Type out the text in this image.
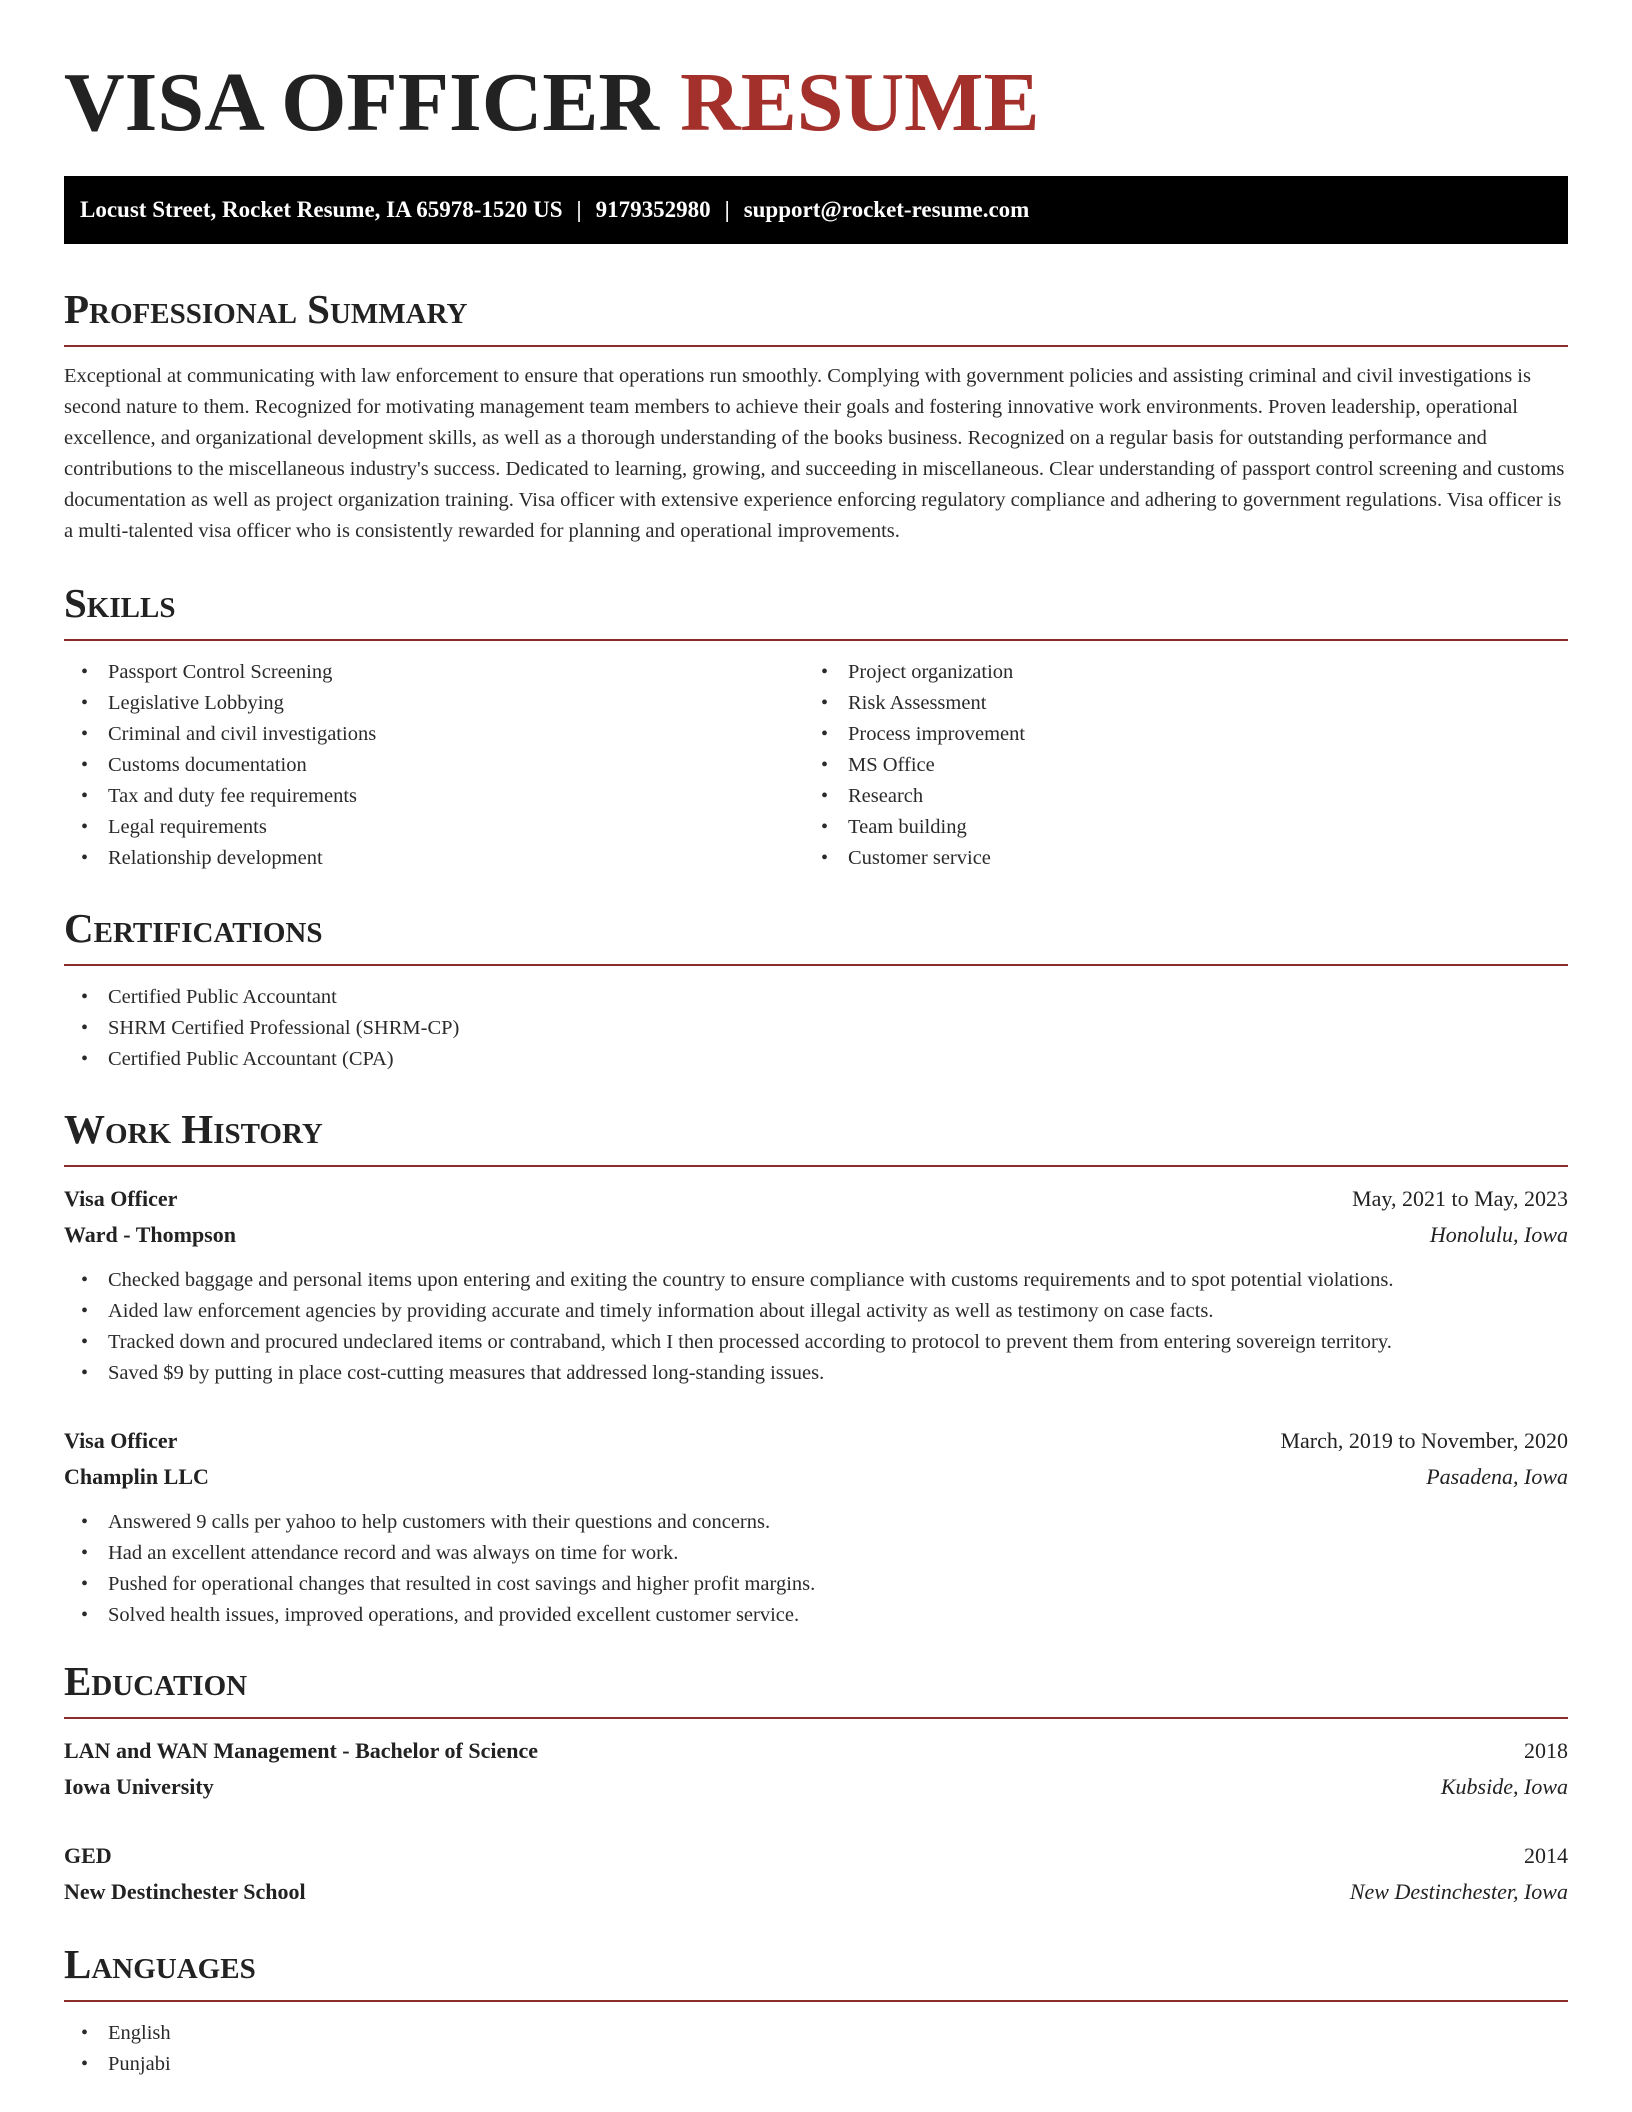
VISA OFFICER RESUME
Locust Street, Rocket Resume, IA 65978-1520 US | 9179352980 | support@rocket-resume.com
Professional Summary

Exceptional at communicating with law enforcement to ensure that operations run smoothly. Complying with government policies and assisting criminal and civil investigations is second nature to them. Recognized for motivating management team members to achieve their goals and fostering innovative work environments. Proven leadership, operational excellence, and organizational development skills, as well as a thorough understanding of the books business. Recognized on a regular basis for outstanding performance and contributions to the miscellaneous industry's success. Dedicated to learning, growing, and succeeding in miscellaneous. Clear understanding of passport control screening and customs documentation as well as project organization training. Visa officer with extensive experience enforcing regulatory compliance and adhering to government regulations. Visa officer is a multi-talented visa officer who is consistently rewarded for planning and operational improvements.

Skills
• Passport Control Screening
• Legislative Lobbying
• Criminal and civil investigations
• Customs documentation
• Tax and duty fee requirements
• Legal requirements
• Relationship development
• Project organization
• Risk Assessment
• Process improvement
• MS Office
• Research
• Team building
• Customer service
Certifications
• Certified Public Accountant
• SHRM Certified Professional (SHRM-CP)
• Certified Public Accountant (CPA)
Work History
Visa Officer	May, 2021 to May, 2023
Ward - Thompson	Honolulu, Iowa
• Checked baggage and personal items upon entering and exiting the country to ensure compliance with customs requirements and to spot potential violations.
• Aided law enforcement agencies by providing accurate and timely information about illegal activity as well as testimony on case facts.
• Tracked down and procured undeclared items or contraband, which I then processed according to protocol to prevent them from entering sovereign territory.
• Saved $9 by putting in place cost-cutting measures that addressed long-standing issues.
Visa Officer	March, 2019 to November, 2020
Champlin LLC	Pasadena, Iowa
• Answered 9 calls per yahoo to help customers with their questions and concerns.
• Had an excellent attendance record and was always on time for work.
• Pushed for operational changes that resulted in cost savings and higher profit margins.
• Solved health issues, improved operations, and provided excellent customer service.
Education
LAN and WAN Management - Bachelor of Science	2018
Iowa University	Kubside, Iowa
GED	2014
New Destinchester School	New Destinchester, Iowa
Languages
• English
• Punjabi
